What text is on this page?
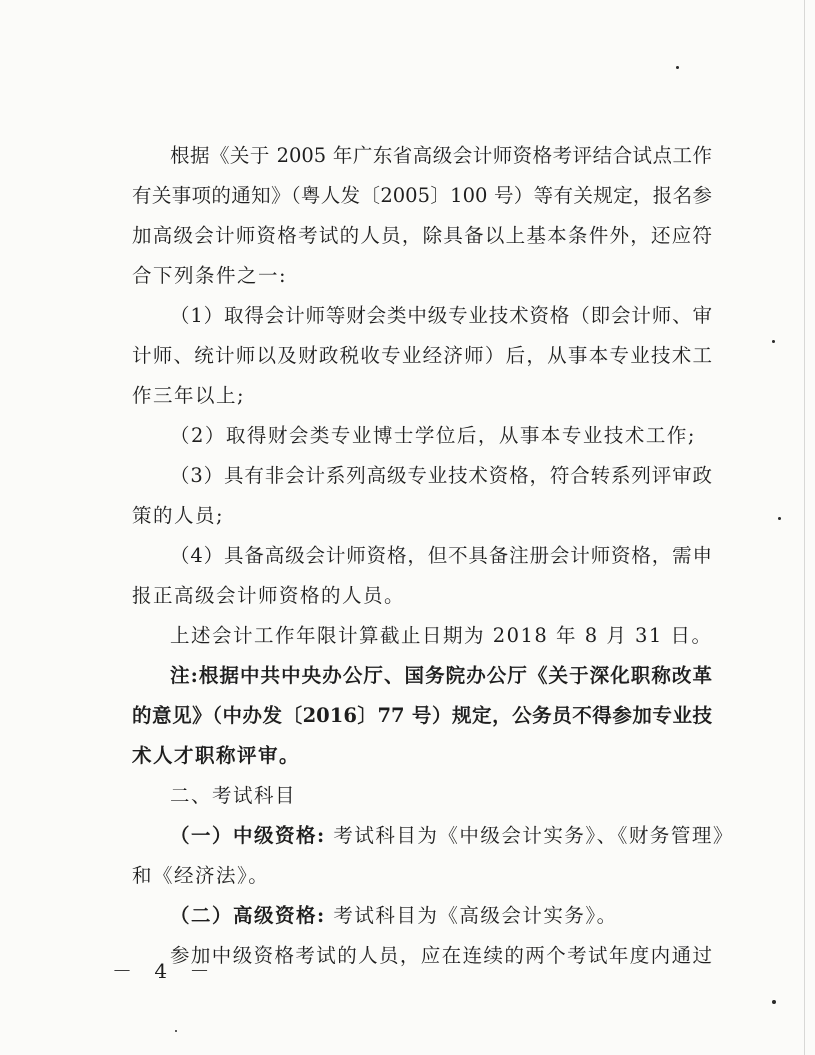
根据《关于 2005 年广东省高级会计师资格考评结合试点工作
有关事项的通知》（粤人发〔2005〕100 号）等有关规定，报名参
加高级会计师资格考试的人员，除具备以上基本条件外，还应符
合下列条件之一:
（1）取得会计师等财会类中级专业技术资格（即会计师、审
计师、统计师以及财政税收专业经济师）后，从事本专业技术工
作三年以上;
（2）取得财会类专业博士学位后，从事本专业技术工作;
（3）具有非会计系列高级专业技术资格，符合转系列评审政
策的人员;
（4）具备高级会计师资格，但不具备注册会计师资格，需申
报正高级会计师资格的人员。
上述会计工作年限计算截止日期为 2018 年 8 月 31 日。
注:根据中共中央办公厅、国务院办公厅《关于深化职称改革
的意见》（中办发〔2016〕77 号）规定，公务员不得参加专业技
术人才职称评审。
二、考试科目
（一）中级资格: 考试科目为《中级会计实务》、《财务管理》
和《经济法》。
（二）高级资格: 考试科目为《高级会计实务》。
参加中级资格考试的人员，应在连续的两个考试年度内通过
－ 4 －
